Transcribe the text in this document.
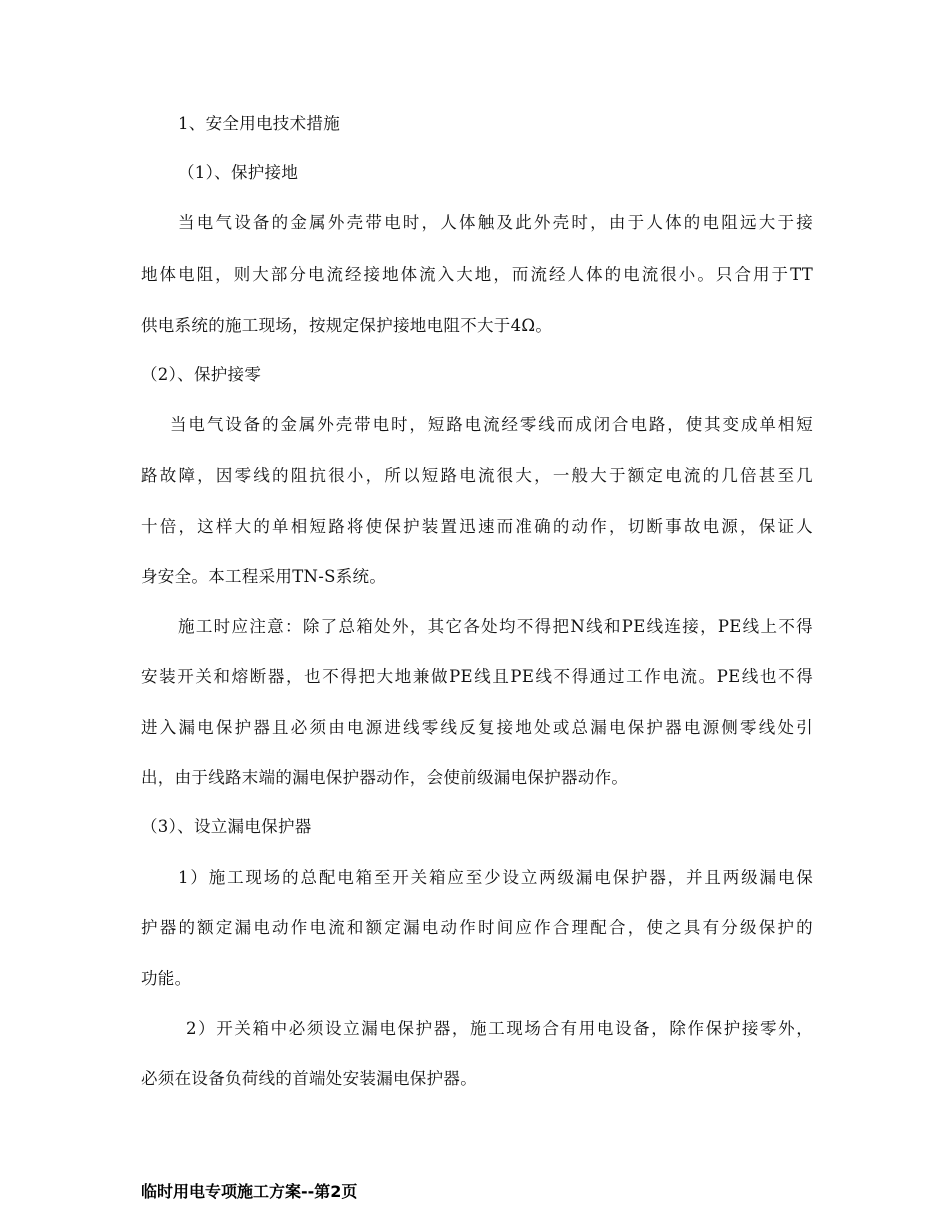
1、安全用电技术措施
（1）、保护接地
当电气设备的金属外壳带电时，人体触及此外壳时，由于人体的电阻远大于接
地体电阻，则大部分电流经接地体流入大地，而流经人体的电流很小。只合用于TT
供电系统的施工现场，按规定保护接地电阻不大于4Ω。
（2）、保护接零
当电气设备的金属外壳带电时，短路电流经零线而成闭合电路，使其变成单相短
路故障，因零线的阻抗很小，所以短路电流很大，一般大于额定电流的几倍甚至几
十倍，这样大的单相短路将使保护装置迅速而准确的动作，切断事故电源，保证人
身安全。本工程采用TN-S系统。
施工时应注意：除了总箱处外，其它各处均不得把N线和PE线连接，PE线上不得
安装开关和熔断器，也不得把大地兼做PE线且PE线不得通过工作电流。PE线也不得
进入漏电保护器且必须由电源进线零线反复接地处或总漏电保护器电源侧零线处引
出，由于线路末端的漏电保护器动作，会使前级漏电保护器动作。
（3）、设立漏电保护器
1）施工现场的总配电箱至开关箱应至少设立两级漏电保护器，并且两级漏电保
护器的额定漏电动作电流和额定漏电动作时间应作合理配合，使之具有分级保护的
功能。
2）开关箱中必须设立漏电保护器，施工现场合有用电设备，除作保护接零外，
必须在设备负荷线的首端处安装漏电保护器。
临时用电专项施工方案--第2页
